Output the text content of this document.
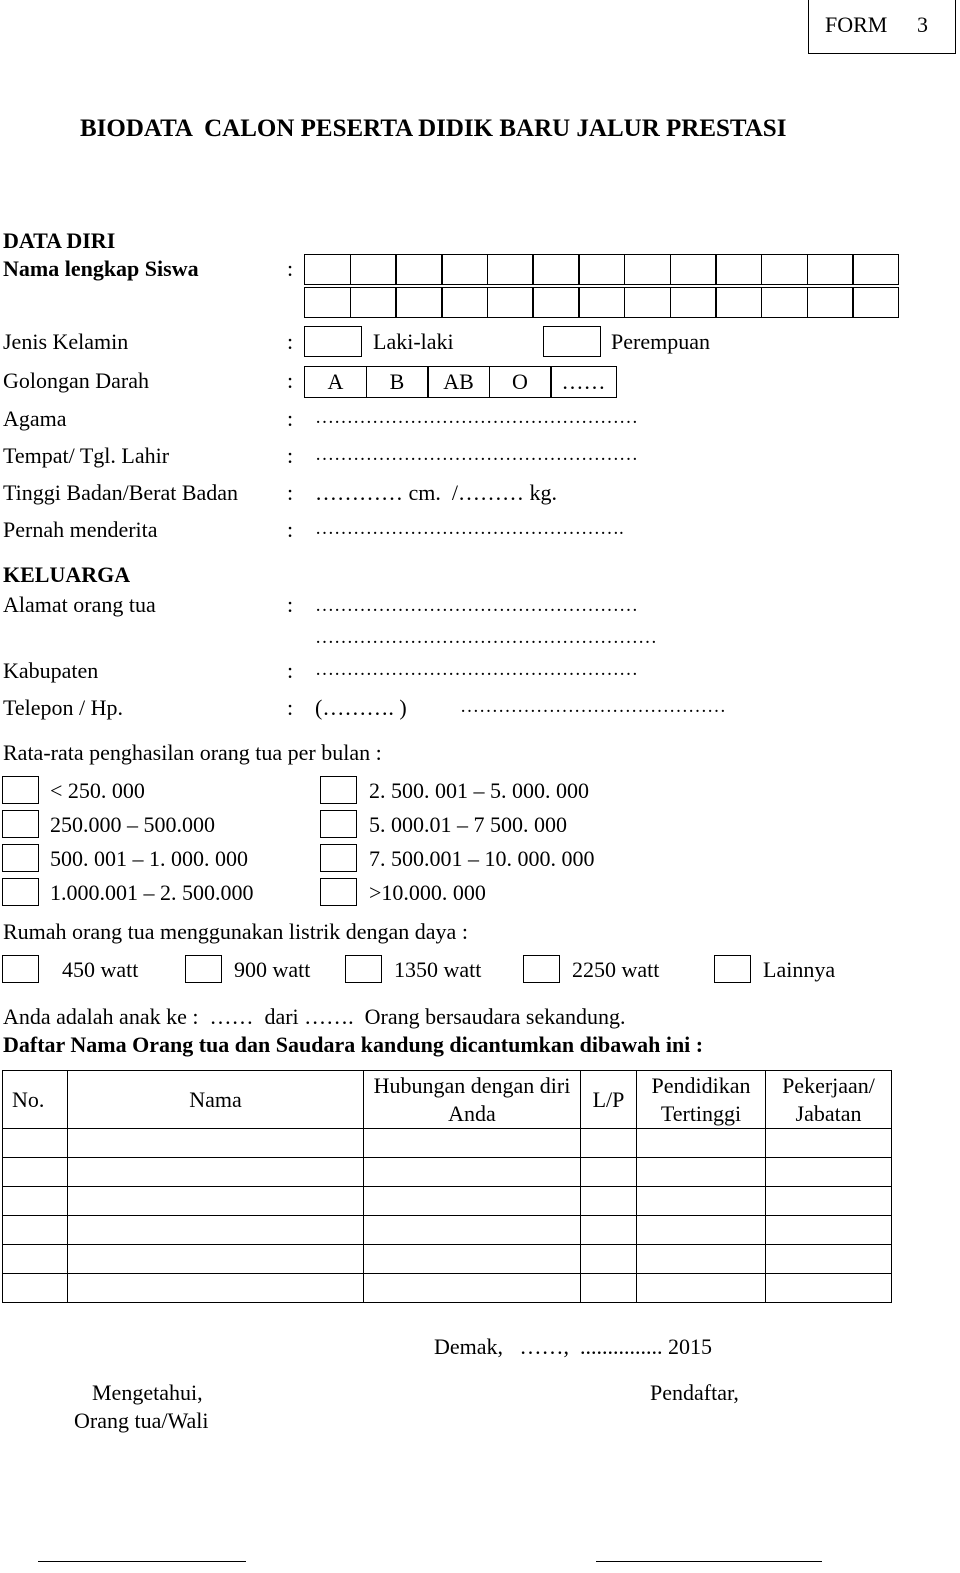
FORM 3
BIODATA  CALON PESERTA DIDIK BARU JALUR PRESTASI
DATA DIRI
Nama lengkap Siswa	:
Jenis Kelamin	:	Laki-laki	Perempuan
Golongan Darah	:	A	B	AB	O	……
Agama	: ……………………………………………
Tempat/ Tgl. Lahir	: ……………………………………………
Tinggi Badan/Berat Badan : ………… cm.  /……… kg.
Pernah menderita	: ………………………………………….
KELUARGA
Alamat orang tua	: ……………………………………………
………………………………………………
Kabupaten	: ……………………………………………
Telepon / Hp.	: (………. )	……………………………………
Rata-rata penghasilan orang tua per bulan :
< 250. 000
250.000 – 500.000
500. 001 – 1. 000. 000
1.000.001 – 2. 500.000
2. 500. 001 – 5. 000. 000
5. 000.01 – 7 500. 000
7. 500.001 – 10. 000. 000
>10.000. 000
Rumah orang tua menggunakan listrik dengan daya :
450 watt	900 watt	1350 watt	2250 watt	Lainnya
Anda adalah anak ke :  ……  dari …….  Orang bersaudara sekandung.
Daftar Nama Orang tua dan Saudara kandung dicantumkan dibawah ini :
No.	Nama	Hubungan dengan diri Anda	L/P	Pendidikan Tertinggi	Pekerjaan/ Jabatan

Demak,   ……,  ............... 2015
Mengetahui,
Orang tua/Wali
Pendaftar,
